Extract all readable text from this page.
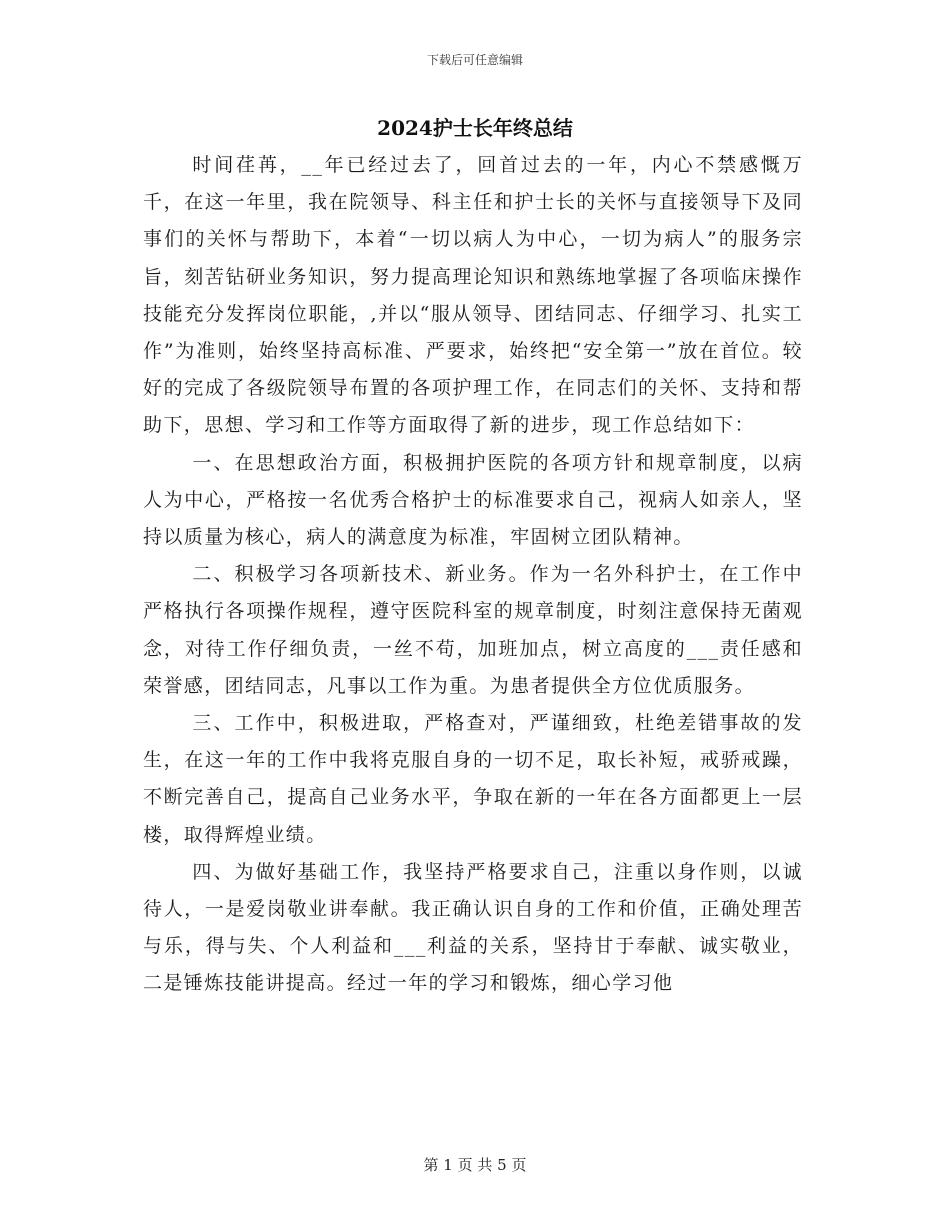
下载后可任意编辑
2024护士长年终总结

时间荏苒，__年已经过去了，回首过去的一年，内心不禁感慨万千，在这一年里，我在院领导、科主任和护士长的关怀与直接领导下及同事们的关怀与帮助下，本着“一切以病人为中心，一切为病人”的服务宗旨，刻苦钻研业务知识，努力提高理论知识和熟练地掌握了各项临床操作技能充分发挥岗位职能，,并以“服从领导、团结同志、仔细学习、扎实工作”为准则，始终坚持高标准、严要求，始终把“安全第一”放在首位。较好的完成了各级院领导布置的各项护理工作，在同志们的关怀、支持和帮助下，思想、学习和工作等方面取得了新的进步，现工作总结如下：

一、在思想政治方面，积极拥护医院的各项方针和规章制度，以病人为中心，严格按一名优秀合格护士的标准要求自己，视病人如亲人，坚持以质量为核心，病人的满意度为标准，牢固树立团队精神。

二、积极学习各项新技术、新业务。作为一名外科护士，在工作中严格执行各项操作规程，遵守医院科室的规章制度，时刻注意保持无菌观念，对待工作仔细负责，一丝不苟，加班加点，树立高度的___责任感和荣誉感，团结同志，凡事以工作为重。为患者提供全方位优质服务。

三、工作中，积极进取，严格查对，严谨细致，杜绝差错事故的发生，在这一年的工作中我将克服自身的一切不足，取长补短，戒骄戒躁，不断完善自己，提高自己业务水平，争取在新的一年在各方面都更上一层楼，取得辉煌业绩。

四、为做好基础工作，我坚持严格要求自己，注重以身作则，以诚待人，一是爱岗敬业讲奉献。我正确认识自身的工作和价值，正确处理苦与乐，得与失、个人利益和___利益的关系，坚持甘于奉献、诚实敬业，二是锤炼技能讲提高。经过一年的学习和锻炼，细心学习他

第 1 页 共 5 页
